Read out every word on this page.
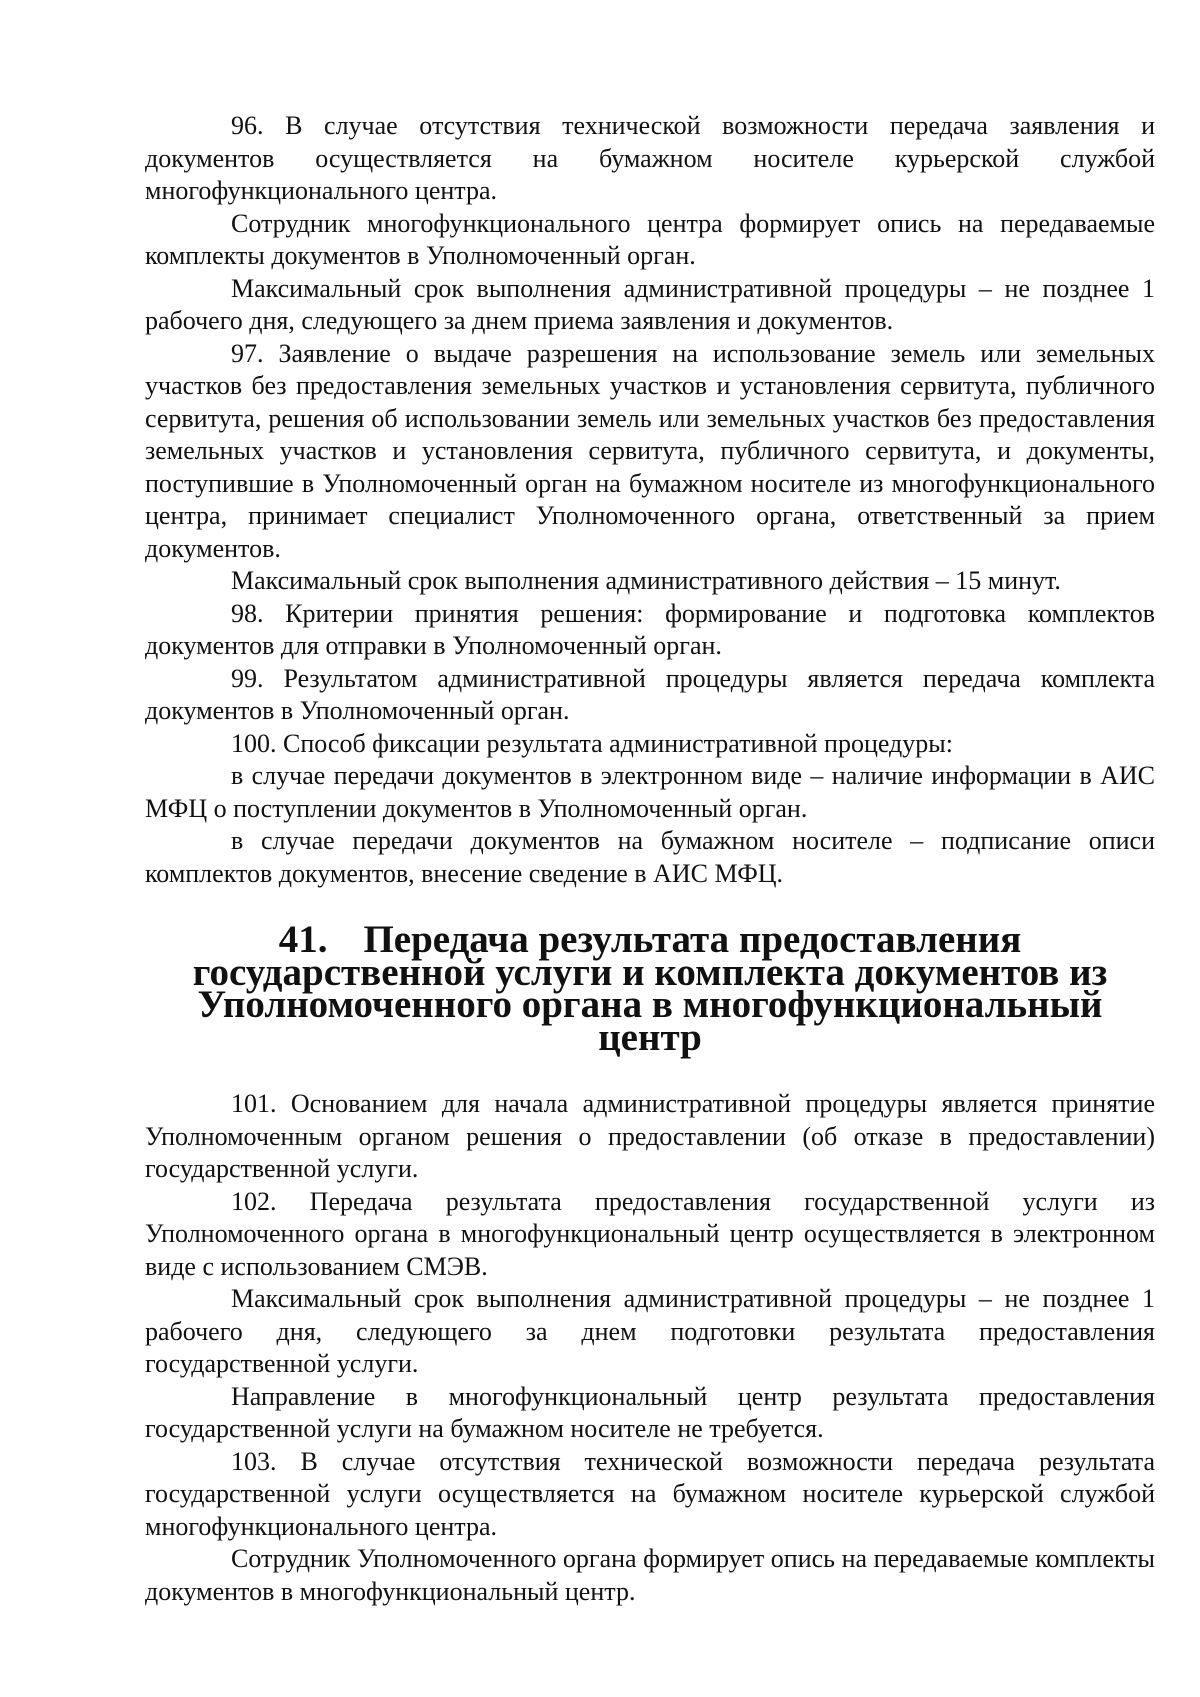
96. В случае отсутствия технической возможности передача заявления и документов осуществляется на бумажном носителе курьерской службой многофункционального центра.

Сотрудник многофункционального центра формирует опись на передаваемые комплекты документов в Уполномоченный орган.

Максимальный срок выполнения административной процедуры – не позднее 1 рабочего дня, следующего за днем приема заявления и документов.

97. Заявление о выдаче разрешения на использование земель или земельных участков без предоставления земельных участков и установления сервитута, публичного сервитута, решения об использовании земель или земельных участков без предоставления земельных участков и установления сервитута, публичного сервитута, и документы, поступившие в Уполномоченный орган на бумажном носителе из многофункционального центра, принимает специалист Уполномоченного органа, ответственный за прием документов.

Максимальный срок выполнения административного действия – 15 минут.

98. Критерии принятия решения: формирование и подготовка комплектов документов для отправки в Уполномоченный орган.

99. Результатом административной процедуры является передача комплекта документов в Уполномоченный орган.

100. Способ фиксации результата административной процедуры:

в случае передачи документов в электронном виде – наличие информации в АИС МФЦ о поступлении документов в Уполномоченный орган.

в случае передачи документов на бумажном носителе – подписание описи комплектов документов, внесение сведение в АИС МФЦ.

41. Передача результата предоставления государственной услуги и комплекта документов из Уполномоченного органа в многофункциональный центр

101. Основанием для начала административной процедуры является принятие Уполномоченным органом решения о предоставлении (об отказе в предоставлении) государственной услуги.

102. Передача результата предоставления государственной услуги из Уполномоченного органа в многофункциональный центр осуществляется в электронном виде с использованием СМЭВ.

Максимальный срок выполнения административной процедуры – не позднее 1 рабочего дня, следующего за днем подготовки результата предоставления государственной услуги.

Направление в многофункциональный центр результата предоставления государственной услуги на бумажном носителе не требуется.

103. В случае отсутствия технической возможности передача результата государственной услуги осуществляется на бумажном носителе курьерской службой многофункционального центра.

Сотрудник Уполномоченного органа формирует опись на передаваемые комплекты документов в многофункциональный центр.
